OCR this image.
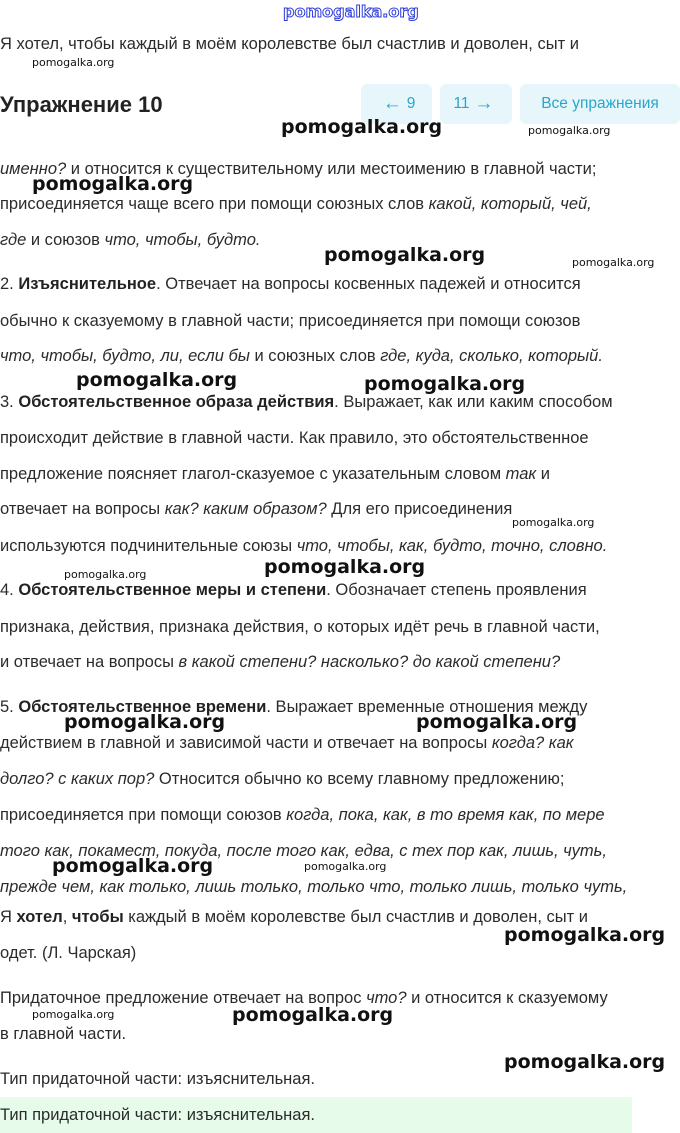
pomogalka.org
Я хотел, чтобы каждый в моём королевстве был счастлив и доволен, сыт и
pomogalka.org
Упражнение 10	← 9 11 →	Все упражнения
pomogalka.org	pomogalka.org
именно? и относится к существительному или местоимению в главной части;
pomogalka.org
присоединяется чаще всего при помощи союзных слов какой, который, чей,
где и союзов что, чтобы, будто.
pomogalka.org	pomogalka.org
2. Изъяснительное. Отвечает на вопросы косвенных падежей и относится
обычно к сказуемому в главной части; присоединяется при помощи союзов
что, чтобы, будто, ли, если бы и союзных слов где, куда, сколько, который.
pomogalka.org	pomogalka.org
3. Обстоятельственное образа действия. Выражает, как или каким способом
происходит действие в главной части. Как правило, это обстоятельственное
предложение поясняет глагол-сказуемое с указательным словом так и
отвечает на вопросы как? каким образом? Для его присоединения
pomogalka.org
используются подчинительные союзы что, чтобы, как, будто, точно, словно.
pomogalka.org
pomogalka.org
4. Обстоятельственное меры и степени. Обозначает степень проявления
признака, действия, признака действия, о которых идёт речь в главной части,
и отвечает на вопросы в какой степени? насколько? до какой степени?
5. Обстоятельственное времени. Выражает временные отношения между
pomogalka.org	pomogalka.org
действием в главной и зависимой части и отвечает на вопросы когда? как
долго? с каких пор? Относится обычно ко всему главному предложению;
присоединяется при помощи союзов когда, пока, как, в то время как, по мере
того как, покамест, покуда, после того как, едва, с тех пор как, лишь, чуть,
pomogalka.org	pomogalka.org
прежде чем, как только, лишь только, только что, только лишь, только чуть,
Я хотел, чтобы каждый в моём королевстве был счастлив и доволен, сыт и
pomogalka.org
одет. (Л. Чарская)
Придаточное предложение отвечает на вопрос что? и относится к сказуемому
pomogalka.org	pomogalka.org
в главной части.
pomogalka.org
Тип придаточной части: изъяснительная.
Тип придаточной части: изъяснительная.
